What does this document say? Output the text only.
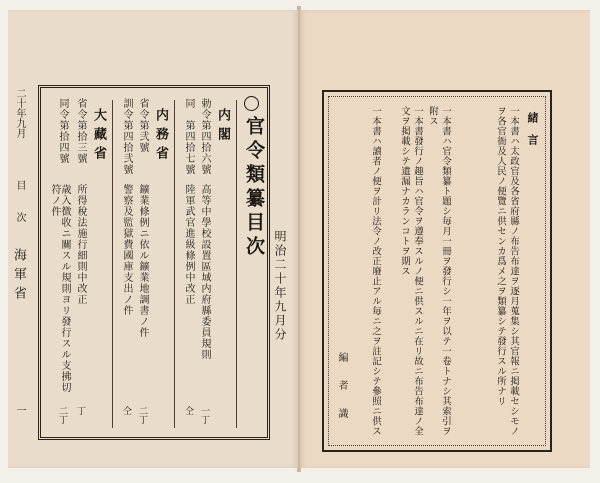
二十年九月
目　次
海軍省
一
官令類纂目次
内閣
勅令第四拾六號
高等中學校設置區域内府縣委員規則
一丁
同　第四拾七號
陸軍武官進級條例中改正
仝
内務省
省令第弐號
鑛業條例ニ依ル鑛業地調書ノ件
二丁
訓令第四拾弐號
警察及監獄費國庫支出ノ件
仝
大藏省
省令第拾三號
所得稅法施行細則中改正
丁
同令第拾四號
歳入徴收ニ關スル規則ヨリ發行スル支拂切符ノ件
二丁
明治二十年九月分
緒　言
一本書ハ太政官及各省府縣ノ布告布達ヲ逐月蒐集シ其官報ニ掲載セシモノヲ各官衙及人民ノ便覽ニ供センカ爲メ之ヲ類纂シテ發行スル所ナリ
一本書ハ官令類纂ト題シ毎月一冊ヲ發行シ一年ヲ以テ一卷トナシ其索引ヲ附ス
一本書發行ノ趣旨ハ官令ヲ遵奉スルノ便ニ供スルニ在リ故ニ布告布達ノ全文ヲ掲載シテ遺漏ナカランコトヲ期ス
一本書ハ讀者ノ便ヲ計リ法令ノ改正廢止アル毎ニ之ヲ註記シテ參照ニ供ス
編　者　識
